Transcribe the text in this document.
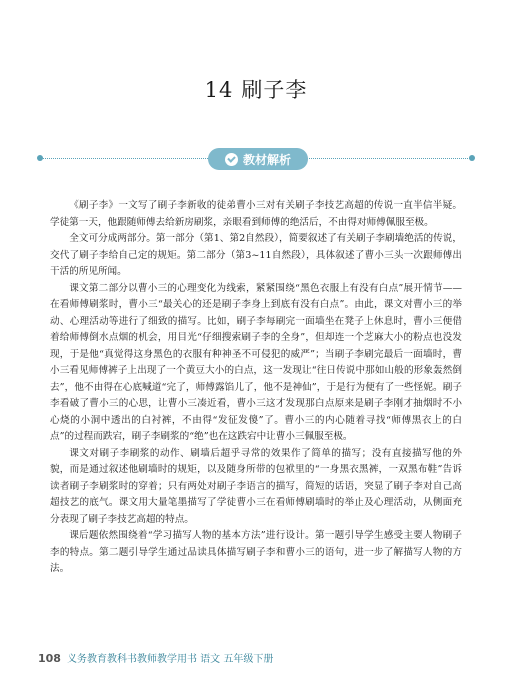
14 刷子李
教材解析

《刷子李》一文写了刷子李新收的徒弟曹小三对有关刷子李技艺高超的传说一直半信半疑。学徒第一天，他跟随师傅去给新房刷浆，亲眼看到师傅的绝活后，不由得对师傅佩服至极。

全文可分成两部分。第一部分（第1、第2自然段），简要叙述了有关刷子李刷墙绝活的传说，交代了刷子李给自己定的规矩。第二部分（第3~11自然段），具体叙述了曹小三头一次跟师傅出干活的所见所闻。

课文第二部分以曹小三的心理变化为线索，紧紧围绕“黑色衣服上有没有白点”展开情节——在看师傅刷浆时，曹小三“最关心的还是刷子李身上到底有没有白点”。由此，课文对曹小三的举动、心理活动等进行了细致的描写。比如，刷子李每刷完一面墙坐在凳子上休息时，曹小三便借着给师傅倒水点烟的机会，用目光“仔细搜索刷子李的全身”，但却连一个芝麻大小的粉点也没发现，于是他“真觉得这身黑色的衣服有种神圣不可侵犯的威严”；当刷子李刷完最后一面墙时，曹小三看见师傅裤子上出现了一个黄豆大小的白点，这一发现让“往日传说中那如山般的形象轰然倒去”，他不由得在心底喊道“完了，师傅露馅儿了，他不是神仙”，于是行为便有了一些怪妮。刷子李看破了曹小三的心思，让曹小三凑近看，曹小三这才发现那白点原来是刷子李刚才抽烟时不小心烧的小洞中透出的白衬裤，不由得“发征发傻”了。曹小三的内心随着寻找“师傅黑衣上的白点”的过程而跌宕，刷子李刷浆的“绝”也在这跌宕中让曹小三佩服至极。

课文对刷子李刷浆的动作、刷墙后超乎寻常的效果作了简单的描写；没有直接描写他的外貌，而是通过叙述他刷墙时的规矩，以及随身所带的包袱里的“一身黑衣黑裤，一双黑布鞋”告诉读者刷子李刷浆时的穿着；只有两处对刷子李语言的描写，简短的话语，突显了刷子李对自己高超技艺的底气。课文用大量笔墨描写了学徒曹小三在看师傅刷墙时的举止及心理活动，从侧面充分表现了刷子李技艺高超的特点。

课后题依然围绕着“学习描写人物的基本方法”进行设计。第一题引导学生感受主要人物刷子李的特点。第二题引导学生通过品读具体描写刷子李和曹小三的语句，进一步了解描写人物的方法。

108 义务教育教科书教师教学用书 语文 五年级下册
